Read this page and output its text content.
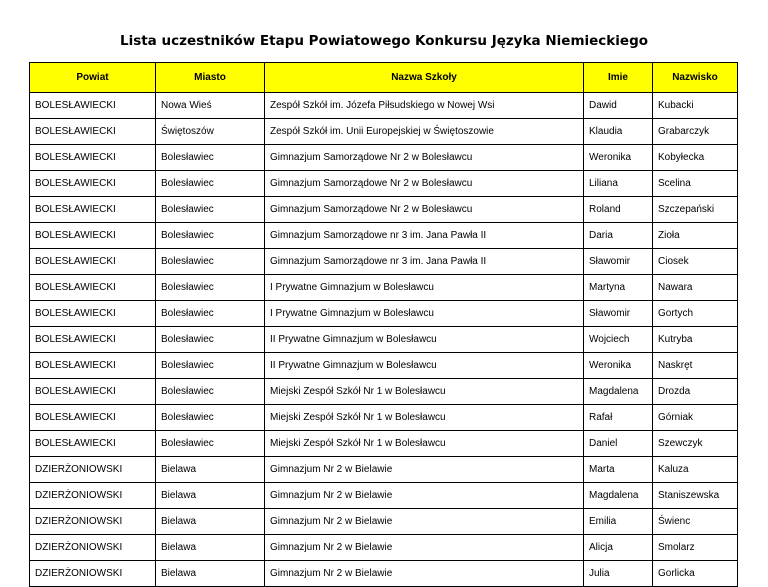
Lista uczestników Etapu Powiatowego Konkursu Języka Niemieckiego
Powiat	Miasto	Nazwa Szkoły	Imie	Nazwisko
BOLESŁAWIECKI	Nowa Wieś	Zespół Szkół im. Józefa Piłsudskiego w Nowej Wsi	Dawid	Kubacki
BOLESŁAWIECKI	Świętoszów	Zespół Szkół im. Unii Europejskiej w Świętoszowie	Klaudia	Grabarczyk
BOLESŁAWIECKI	Bolesławiec	Gimnazjum Samorządowe Nr 2 w Bolesławcu	Weronika	Kobyłecka
BOLESŁAWIECKI	Bolesławiec	Gimnazjum Samorządowe Nr 2 w Bolesławcu	Liliana	Scelina
BOLESŁAWIECKI	Bolesławiec	Gimnazjum Samorządowe Nr 2 w Bolesławcu	Roland	Szczepański
BOLESŁAWIECKI	Bolesławiec	Gimnazjum Samorządowe nr 3 im. Jana Pawła II	Daria	Zioła
BOLESŁAWIECKI	Bolesławiec	Gimnazjum Samorządowe nr 3 im. Jana Pawła II	Sławomir	Ciosek
BOLESŁAWIECKI	Bolesławiec	I Prywatne Gimnazjum w Bolesławcu	Martyna	Nawara
BOLESŁAWIECKI	Bolesławiec	I Prywatne Gimnazjum w Bolesławcu	Sławomir	Gortych
BOLESŁAWIECKI	Bolesławiec	II Prywatne Gimnazjum w Bolesławcu	Wojciech	Kutryba
BOLESŁAWIECKI	Bolesławiec	II Prywatne Gimnazjum w Bolesławcu	Weronika	Naskręt
BOLESŁAWIECKI	Bolesławiec	Miejski Zespół Szkół Nr 1 w Bolesławcu	Magdalena	Drozda
BOLESŁAWIECKI	Bolesławiec	Miejski Zespół Szkół Nr 1 w Bolesławcu	Rafał	Górniak
BOLESŁAWIECKI	Bolesławiec	Miejski Zespół Szkół Nr 1 w Bolesławcu	Daniel	Szewczyk
DZIERŻONIOWSKI	Bielawa	Gimnazjum Nr 2 w Bielawie	Marta	Kaluza
DZIERŻONIOWSKI	Bielawa	Gimnazjum Nr 2 w Bielawie	Magdalena	Staniszewska
DZIERŻONIOWSKI	Bielawa	Gimnazjum Nr 2 w Bielawie	Emilia	Świenc
DZIERŻONIOWSKI	Bielawa	Gimnazjum Nr 2 w Bielawie	Alicja	Smolarz
DZIERŻONIOWSKI	Bielawa	Gimnazjum Nr 2 w Bielawie	Julia	Gorlicka
